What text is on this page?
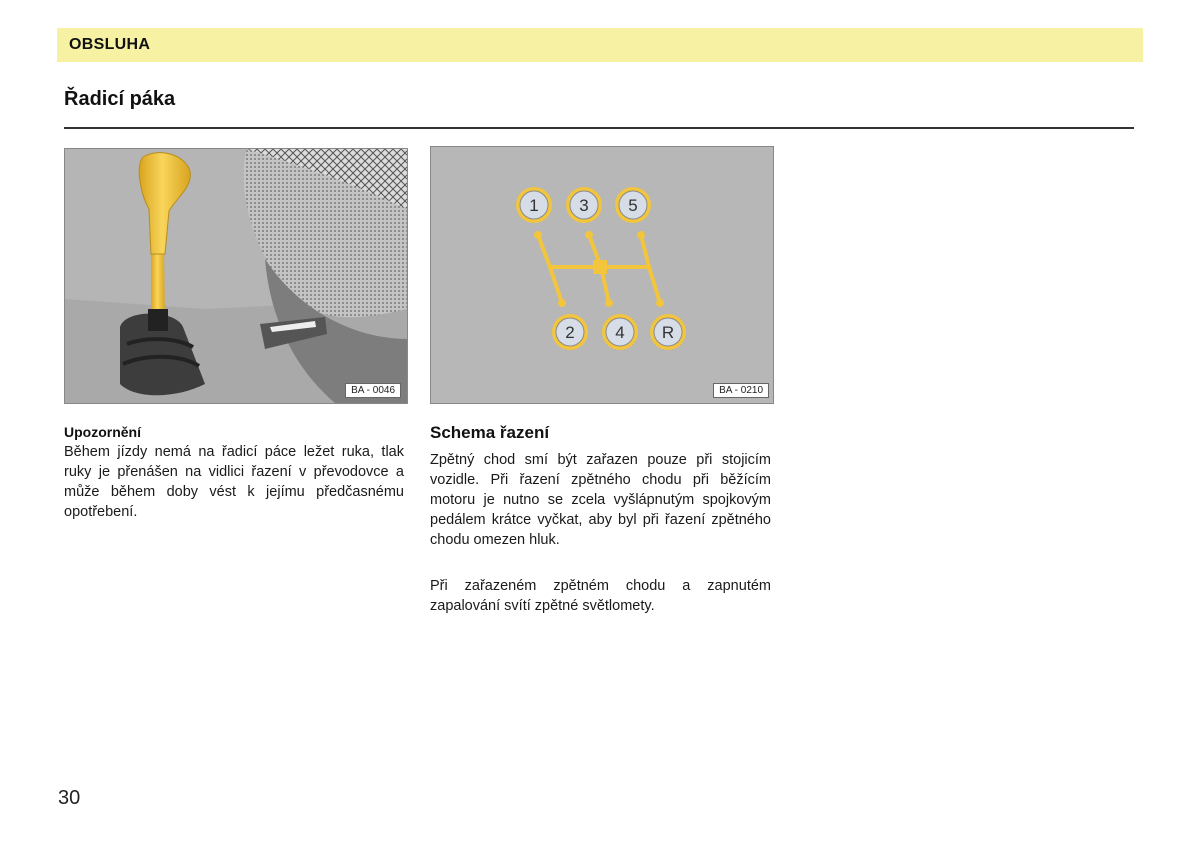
OBSLUHA
Řadicí páka
BA - 0046
1 3 5
2 4 R
BA - 0210
Upozornění
Během jízdy nemá na řadicí páce ležet ruka, tlak ruky je přenášen na vidlici řazení v převodovce a může během doby vést k jejímu předčasnému opotřebení.
Schema řazení

Zpětný chod smí být zařazen pouze při stojicím vozidle. Při řazení zpětného chodu při běžícím motoru je nutno se zcela vyšlápnutým spojkovým pedálem krátce vyčkat, aby byl při řazení zpětného chodu omezen hluk.

Při zařazeném zpětném chodu a zapnutém zapalování svítí zpětné světlomety.

30
